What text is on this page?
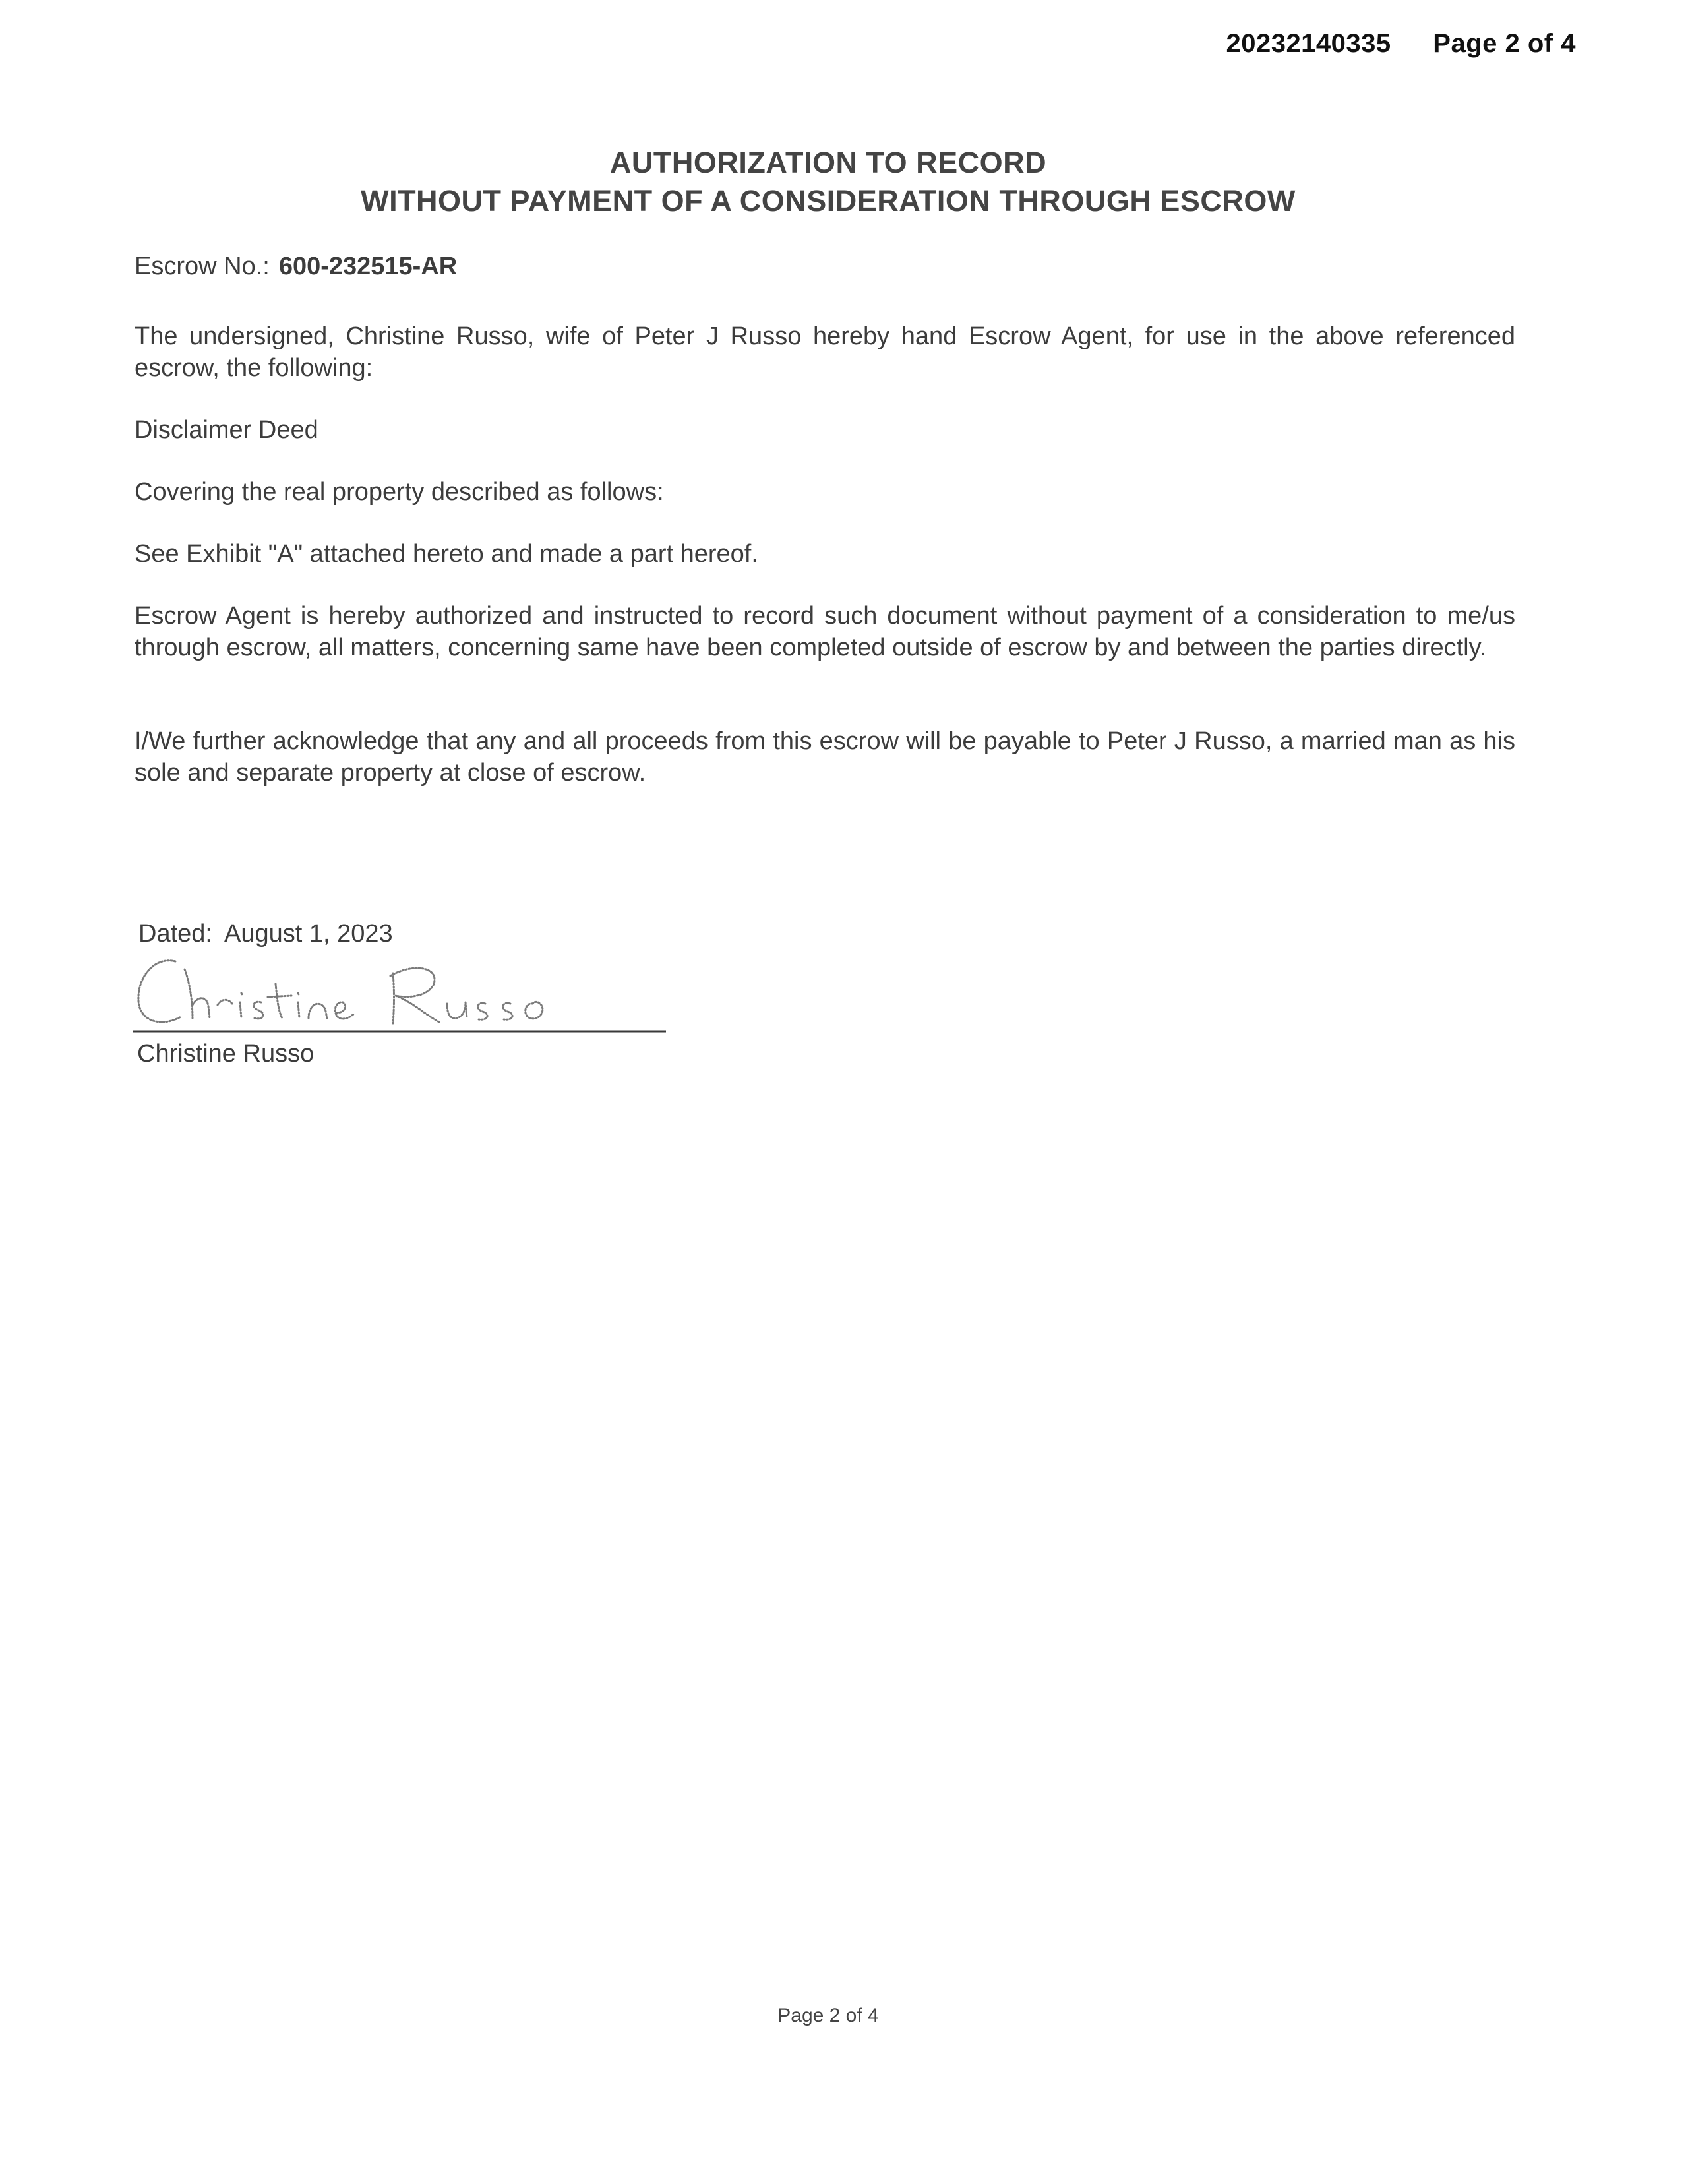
20232140335 Page 2 of 4
AUTHORIZATION TO RECORD
WITHOUT PAYMENT OF A CONSIDERATION THROUGH ESCROW
Escrow No.: 600-232515-AR
The undersigned, Christine Russo, wife of Peter J Russo hereby hand Escrow Agent, for use in the above referenced escrow, the following:
Disclaimer Deed
Covering the real property described as follows:
See Exhibit "A" attached hereto and made a part hereof.
Escrow Agent is hereby authorized and instructed to record such document without payment of a consideration to me/us through escrow, all matters, concerning same have been completed outside of escrow by and between the parties directly.
I/We further acknowledge that any and all proceeds from this escrow will be payable to Peter J Russo, a married man as his sole and separate property at close of escrow.
Dated: August 1, 2023
Christine Russo
Page 2 of 4
